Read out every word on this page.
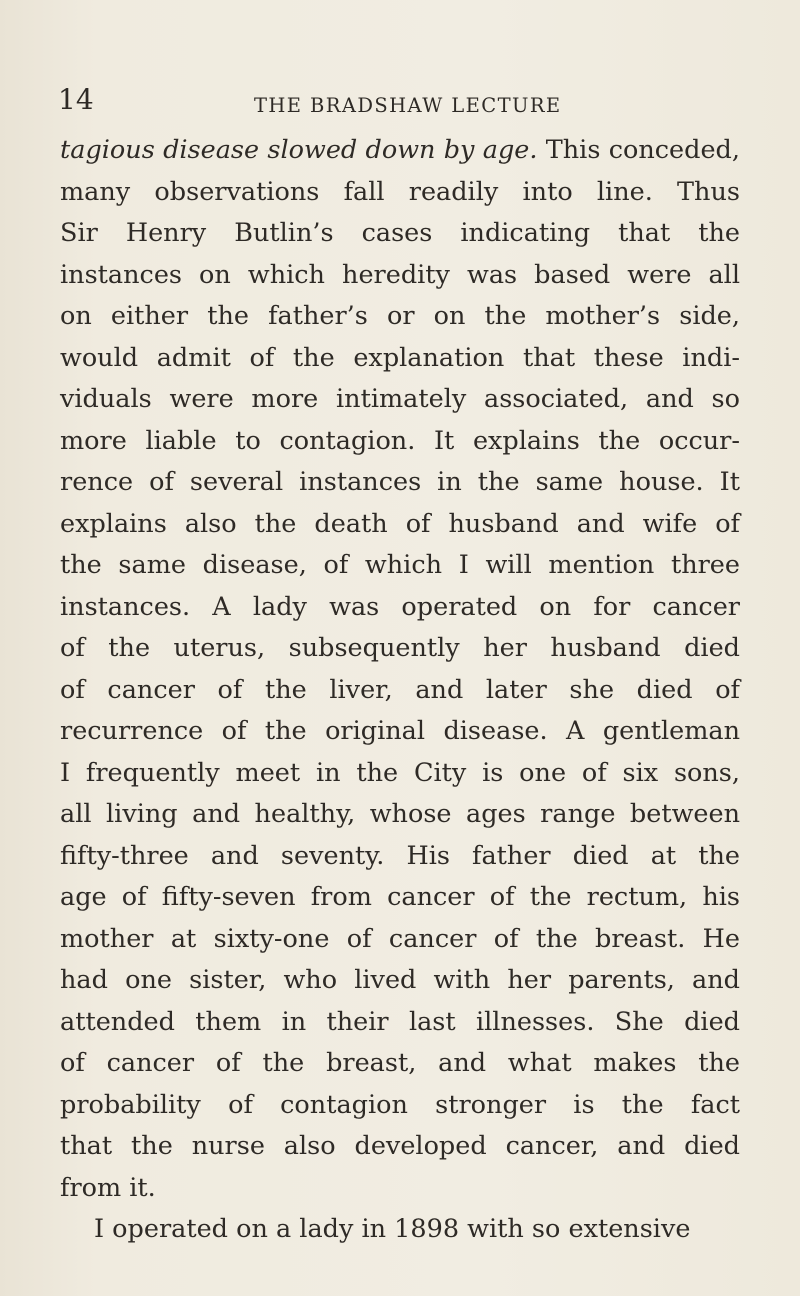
14	THE BRADSHAW LECTURE
tagious disease slowed down by age. This conceded,
many observations fall readily into line. Thus
Sir Henry Butlin’s cases indicating that the
instances on which heredity was based were all
on either the father’s or on the mother’s side,
would admit of the explanation that these indi-
viduals were more intimately associated, and so
more liable to contagion. It explains the occur-
rence of several instances in the same house. It
explains also the death of husband and wife of
the same disease, of which I will mention three
instances. A lady was operated on for cancer
of the uterus, subsequently her husband died
of cancer of the liver, and later she died of
recurrence of the original disease. A gentleman
I frequently meet in the City is one of six sons,
all living and healthy, whose ages range between
fifty-three and seventy. His father died at the
age of fifty-seven from cancer of the rectum, his
mother at sixty-one of cancer of the breast. He
had one sister, who lived with her parents, and
attended them in their last illnesses. She died
of cancer of the breast, and what makes the
probability of contagion stronger is the fact
that the nurse also developed cancer, and died
from it.
I operated on a lady in 1898 with so extensive
